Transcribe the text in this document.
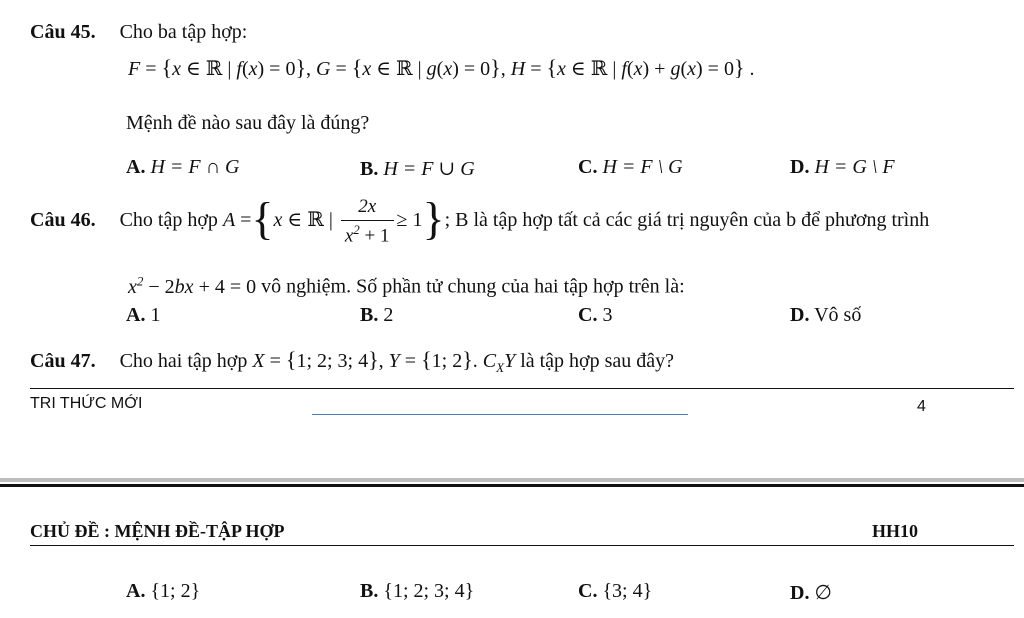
Câu 45. Cho ba tập hợp:
F = {x ∈ ℝ | f(x) = 0}, G = {x ∈ ℝ | g(x) = 0}, H = {x ∈ ℝ | f(x) + g(x) = 0} .
Mệnh đề nào sau đây là đúng?
A. H = F ∩ G	B. H = F ∪ G	C. H = F \ G	D. H = G \ F
Câu 46. Cho tập hợp A ={x ∈ ℝ | $\frac{2x}{x^2 + 1} \ge 1$}; B là tập hợp tất cả các giá trị nguyên của b để phương trình
$x^2 - 2bx + 4 = 0$ vô nghiệm. Số phần tử chung của hai tập hợp trên là:
A. 1	B. 2	C. 3	D. Vô số
Câu 47. Cho hai tập hợp X = {1; 2; 3; 4}, Y = {1; 2}. $C_XY$ là tập hợp sau đây?
TRI THỨC MỚI	4
CHỦ ĐỀ : MỆNH ĐỀ-TẬP HỢP	HH10
A. {1; 2}	B. {1; 2; 3; 4}	C. {3; 4}	D. ∅
